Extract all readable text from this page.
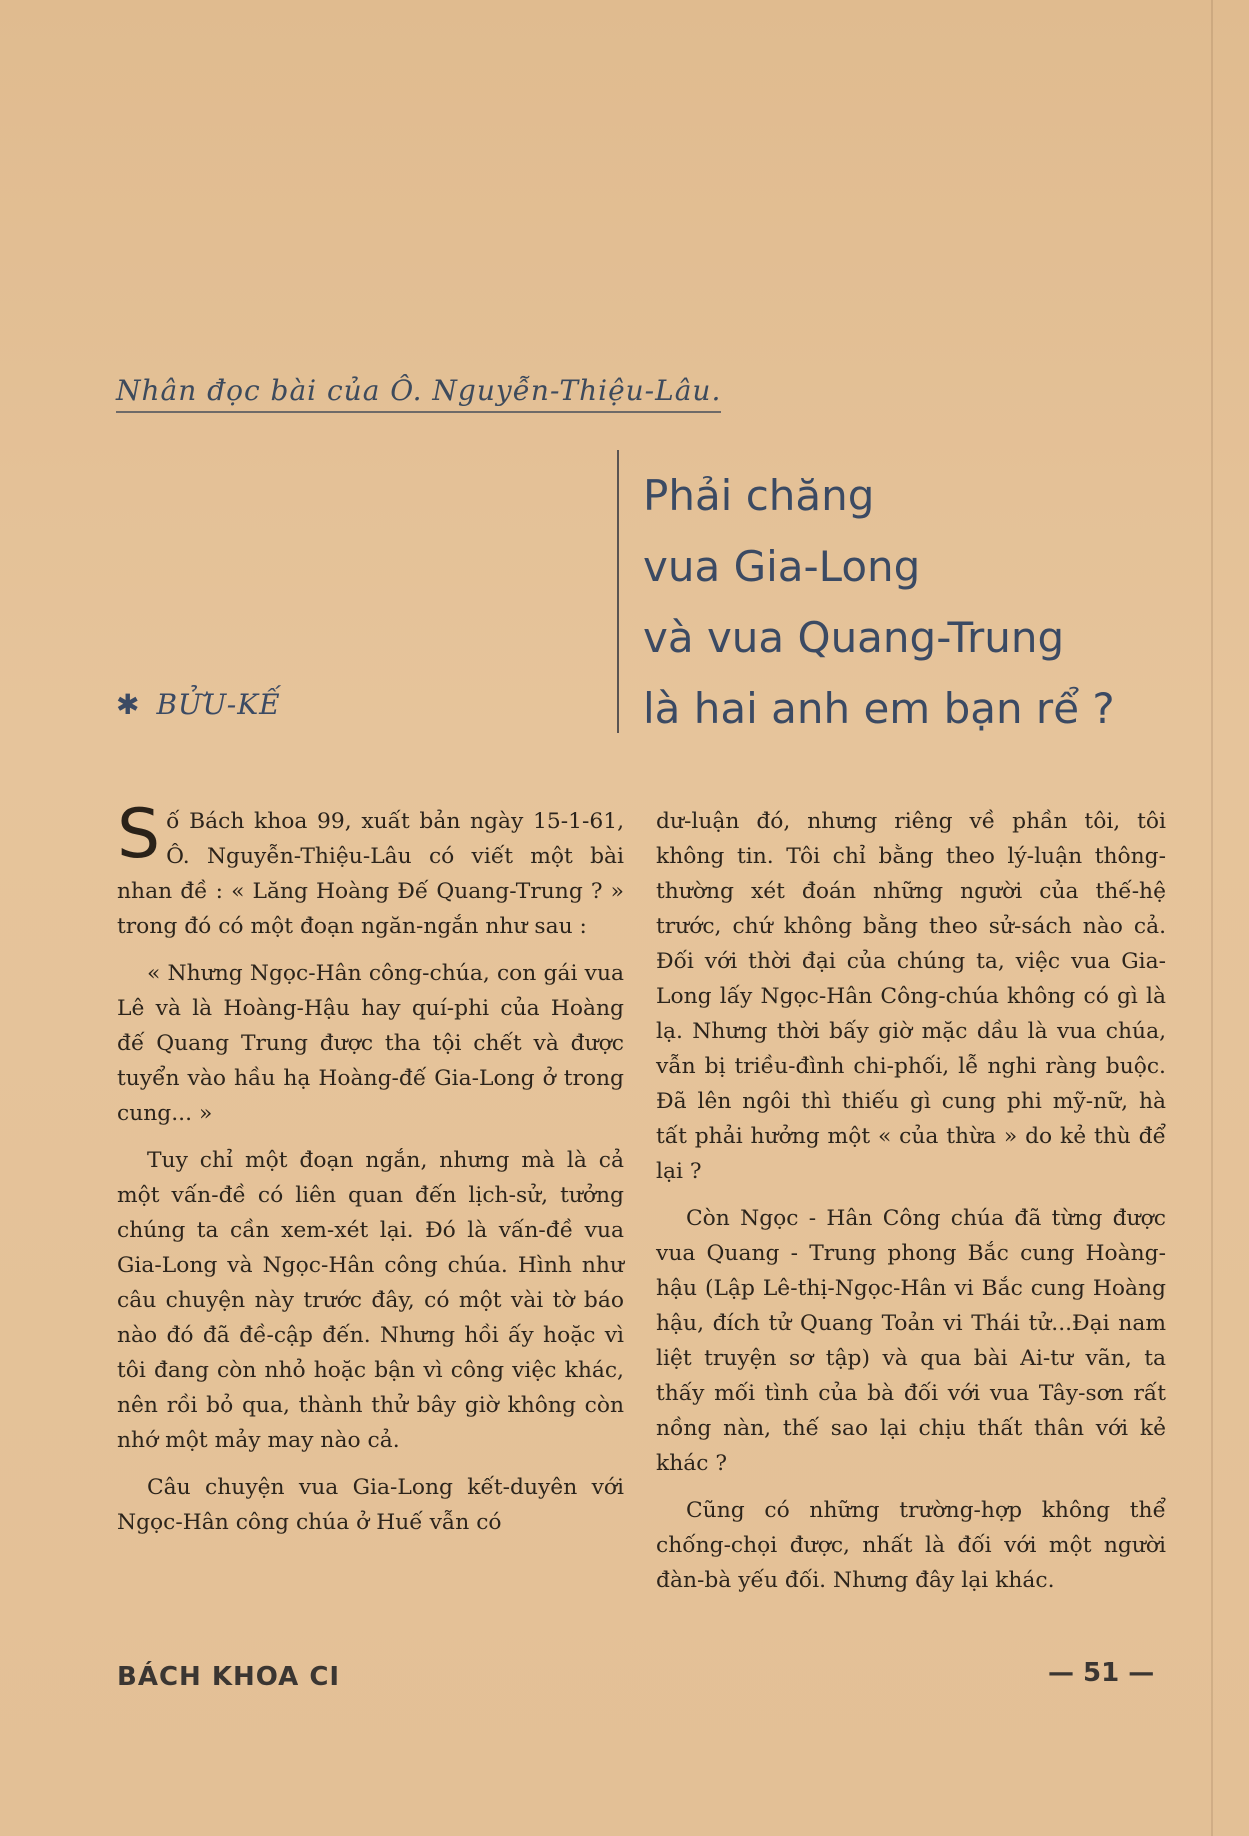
Nhân đọc bài của Ô. Nguyễn-Thiệu-Lâu.
Phải chăng
vua Gia-Long
và vua Quang-Trung
là hai anh em bạn rể ?
✱ BỬU-KẾ

Số Bách khoa 99, xuất bản ngày 15-1-61, Ô. Nguyễn-Thiệu-Lâu có viết một bài nhan đề : « Lăng Hoàng Đế Quang-Trung ? » trong đó có một đoạn ngăn-ngắn như sau :

« Nhưng Ngọc-Hân công-chúa, con gái vua Lê và là Hoàng-Hậu hay quí-phi của Hoàng đế Quang Trung được tha tội chết và được tuyển vào hầu hạ Hoàng-đế Gia-Long ở trong cung... »

Tuy chỉ một đoạn ngắn, nhưng mà là cả một vấn-đề có liên quan đến lịch-sử, tưởng chúng ta cần xem-xét lại. Đó là vấn-đề vua Gia-Long và Ngọc-Hân công chúa. Hình như câu chuyện này trước đây, có một vài tờ báo nào đó đã đề-cập đến. Nhưng hồi ấy hoặc vì tôi đang còn nhỏ hoặc bận vì công việc khác, nên rồi bỏ qua, thành thử bây giờ không còn nhớ một mảy may nào cả.

Câu chuyện vua Gia-Long kết-duyên với Ngọc-Hân công chúa ở Huế vẫn có

dư-luận đó, nhưng riêng về phần tôi, tôi không tin. Tôi chỉ bằng theo lý-luận thông-thường xét đoán những người của thế-hệ trước, chứ không bằng theo sử-sách nào cả. Đối với thời đại của chúng ta, việc vua Gia-Long lấy Ngọc-Hân Công-chúa không có gì là lạ. Nhưng thời bấy giờ mặc dầu là vua chúa, vẫn bị triều-đình chi-phối, lễ nghi ràng buộc. Đã lên ngôi thì thiếu gì cung phi mỹ-nữ, hà tất phải hưởng một « của thừa » do kẻ thù để lại ?

Còn Ngọc - Hân Công chúa đã từng được vua Quang - Trung phong Bắc cung Hoàng-hậu (Lập Lê-thị-Ngọc-Hân vi Bắc cung Hoàng hậu, đích tử Quang Toản vi Thái tử...Đại nam liệt truyện sơ tập) và qua bài Ai-tư vãn, ta thấy mối tình của bà đối với vua Tây-sơn rất nồng nàn, thế sao lại chịu thất thân với kẻ khác ?

Cũng có những trường-hợp không thể chống-chọi được, nhất là đối với một người đàn-bà yếu đối. Nhưng đây lại khác.

BÁCH KHOA CI	— 51 —
